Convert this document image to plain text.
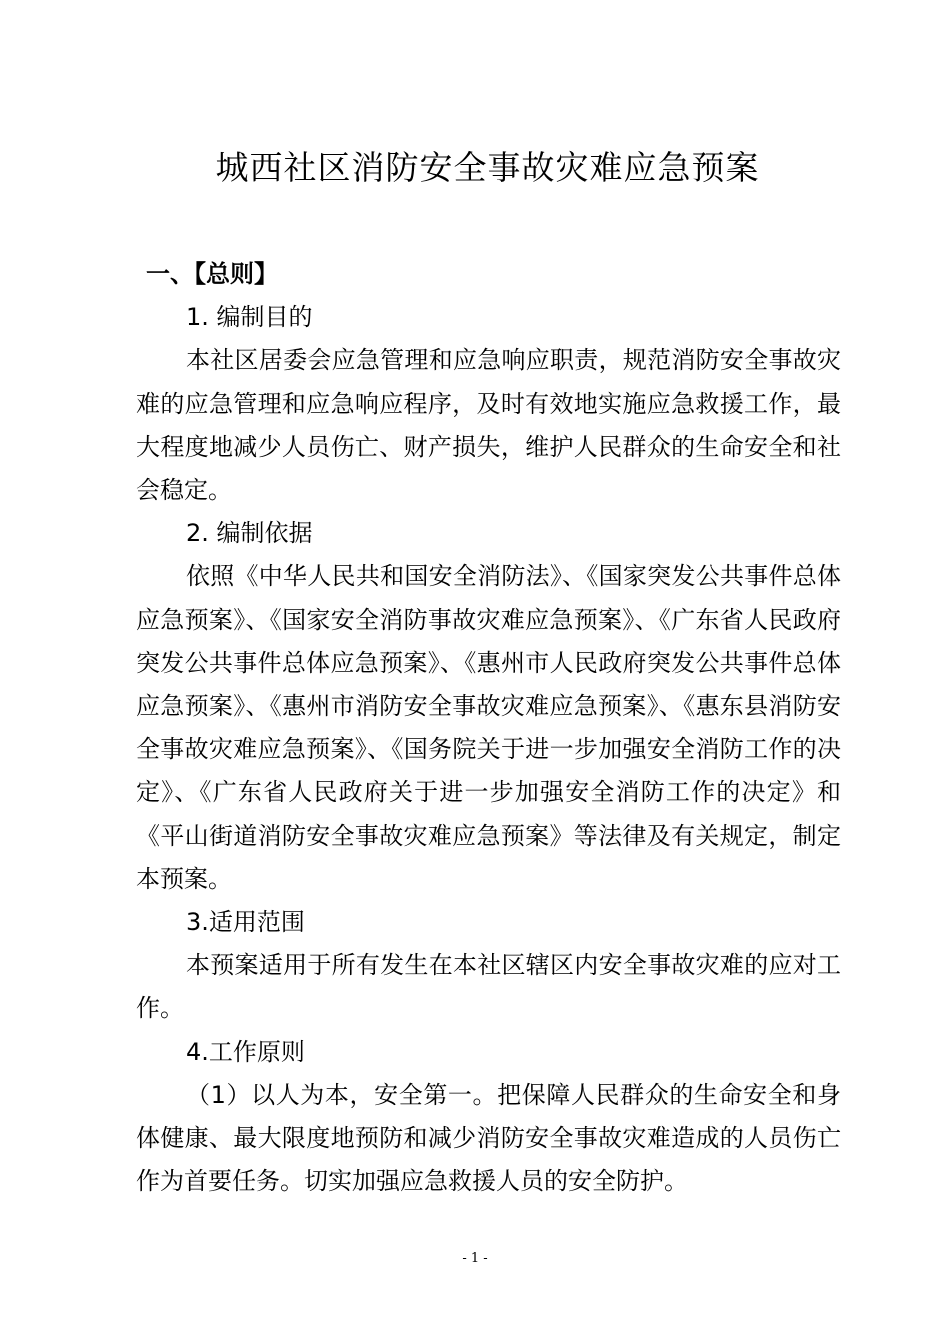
城西社区消防安全事故灾难应急预案

一、【总则】

1. 编制目的

本社区居委会应急管理和应急响应职责，规范消防安全事故灾难的应急管理和应急响应程序，及时有效地实施应急救援工作，最大程度地减少人员伤亡、财产损失，维护人民群众的生命安全和社会稳定。

2. 编制依据

依照《中华人民共和国安全消防法》、《国家突发公共事件总体应急预案》、《国家安全消防事故灾难应急预案》、《广东省人民政府突发公共事件总体应急预案》、《惠州市人民政府突发公共事件总体应急预案》、《惠州市消防安全事故灾难应急预案》、《惠东县消防安全事故灾难应急预案》、《国务院关于进一步加强安全消防工作的决定》、《广东省人民政府关于进一步加强安全消防工作的决定》和《平山街道消防安全事故灾难应急预案》等法律及有关规定，制定本预案。

3.适用范围

本预案适用于所有发生在本社区辖区内安全事故灾难的应对工作。

4.工作原则

（1）以人为本，安全第一。把保障人民群众的生命安全和身体健康、最大限度地预防和减少消防安全事故灾难造成的人员伤亡作为首要任务。切实加强应急救援人员的安全防护。

- 1 -
